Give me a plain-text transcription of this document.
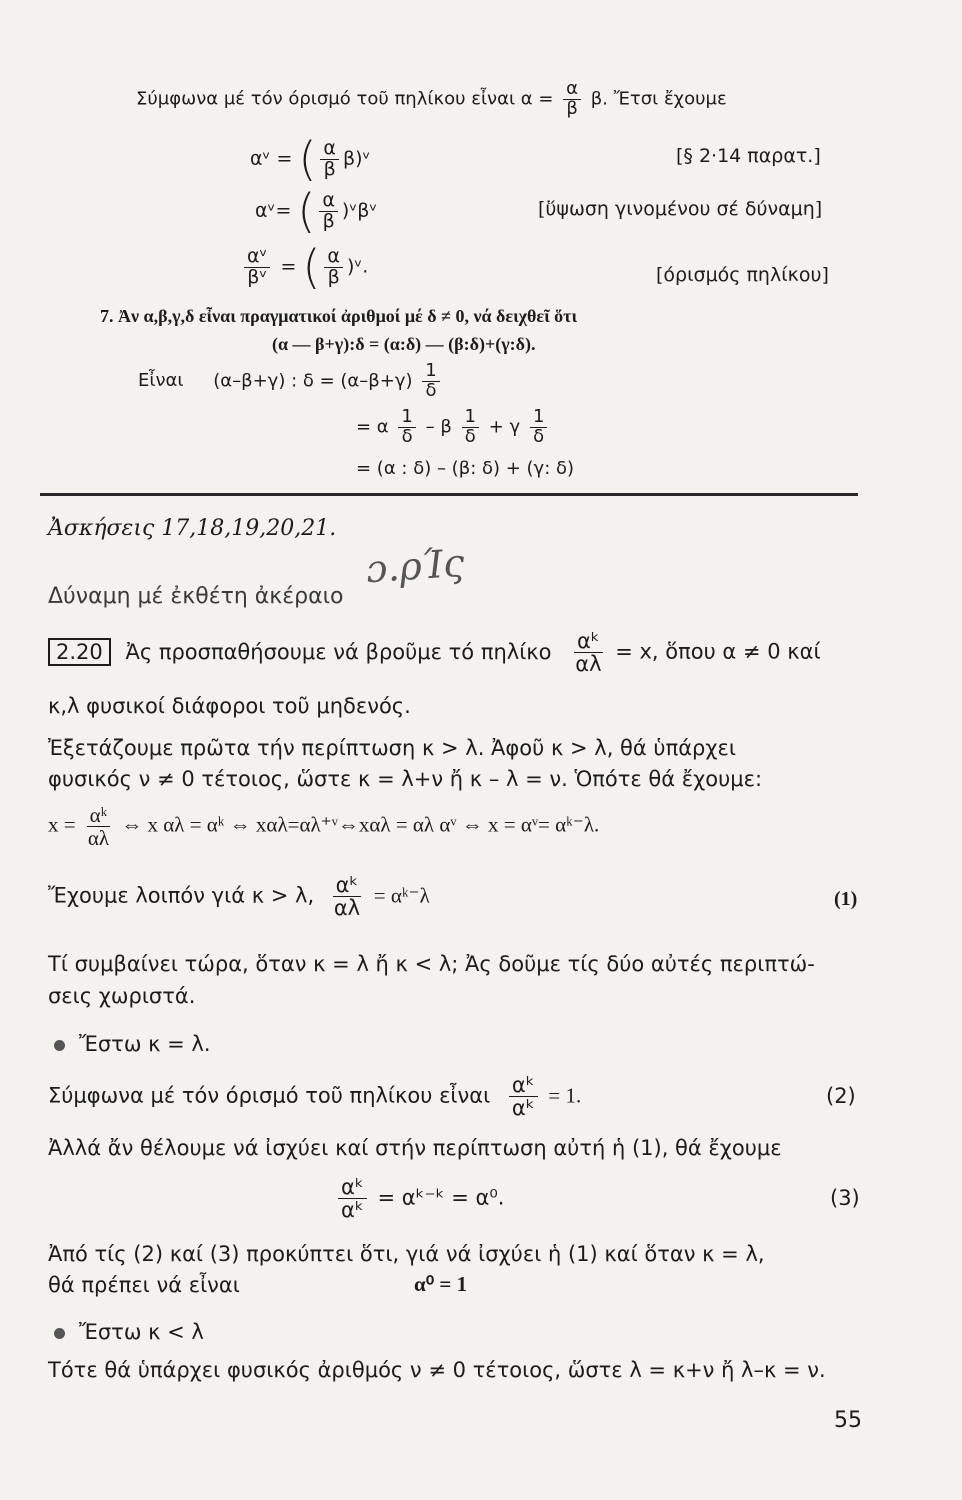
Σύμφωνα μέ τόν όρισμό τοῦ πηλίκου εἶναι $\alpha = \frac{\alpha}{\beta} \beta$. Ἔτσι ἔχουμε
αᵛ = ( $\frac{\alpha}{\beta}$ β)ᵛ	[§ 2·14 παρατ.]
αᵛ= ( $\frac{\alpha}{\beta}$ )ᵛβᵛ	[ὕψωση γινομένου σέ δύναμη]
$\frac{\text{αᵛ}}{\text{βᵛ}}$ = ( $\frac{\alpha}{\beta}$ )ᵛ.	[όρισμός πηλίκου]
7. Ἀν α,β,γ,δ εἶναι πραγματικοί ἀριθμοί μέ δ ≠ 0, νά δειχθεῖ ὅτι
(α — β+γ):δ = (α:δ) — (β:δ)+(γ:δ).
Εἶναι (α–β+γ) : $\delta = (\alpha-\beta+\gamma) \frac{1}{\delta}$
= α $\frac{1}{\delta} - \beta \frac{1}{\delta} + \gamma \frac{1}{\delta}$
= (α : δ) – (β: δ) + (γ: δ)
Ἀσκήσεις 17,18,19,20,21.
ɔ.ρΊς
Δύναμη μέ ἐκθέτη ἀκέραιο
2.20 Ἀς προσπαθήσουμε νά βροῦμε τό πηλίκο $\frac{\text{αᵏ}}{\alpha\lambda} = x$, ὅπου α ≠ 0 καί
κ,λ φυσικοί διάφοροι τοῦ μηδενός.
Ἐξετάζουμε πρῶτα τήν περίπτωση κ > λ. Ἀφοῦ κ > λ, θά ὑπάρχει
φυσικός ν ≠ 0 τέτοιος, ὥστε κ = λ+ν ἤ κ – λ = ν. Ὁπότε θά ἔχουμε:
$x = \frac{\text{αᵏ}}{\alpha\lambda}$ ⇔ x αλ = αᵏ ⇔ xαλ=αλ⁺ᵛ⇔xαλ = αλ αᵛ ⇔ x = αᵛ= αᵏ⁻λ.
Ἔχουμε λοιπόν γιά κ > λ, $\frac{\text{αᵏ}}{\alpha\lambda}$ = αᵏ⁻λ	(1)
Τί συμβαίνει τώρα, ὅταν κ = λ ἤ κ < λ; Ἀς δοῦμε τίς δύο αὐτές περιπτώ-
σεις χωριστά.
Ἔστω κ = λ.
Σύμφωνα μέ τόν όρισμό τοῦ πηλίκου εἶναι $\frac{\text{αᵏ}}{\text{αᵏ}} = 1$.	(2)
Ἀλλά ἄν θέλουμε νά ἰσχύει καί στήν περίπτωση αὐτή ἡ (1), θά ἔχουμε
$\frac{\text{αᵏ}}{\text{αᵏ}}$ = αᵏ⁻ᵏ = α⁰.	(3)
Ἀπό τίς (2) καί (3) προκύπτει ὅτι, γιά νά ἰσχύει ἡ (1) καί ὅταν κ = λ,
θά πρέπει νά εἶναι	α⁰ = 1
Ἔστω κ < λ
Τότε θά ὑπάρχει φυσικός ἀριθμός ν ≠ 0 τέτοιος, ὥστε λ = κ+ν ἤ λ–κ = ν.
55
